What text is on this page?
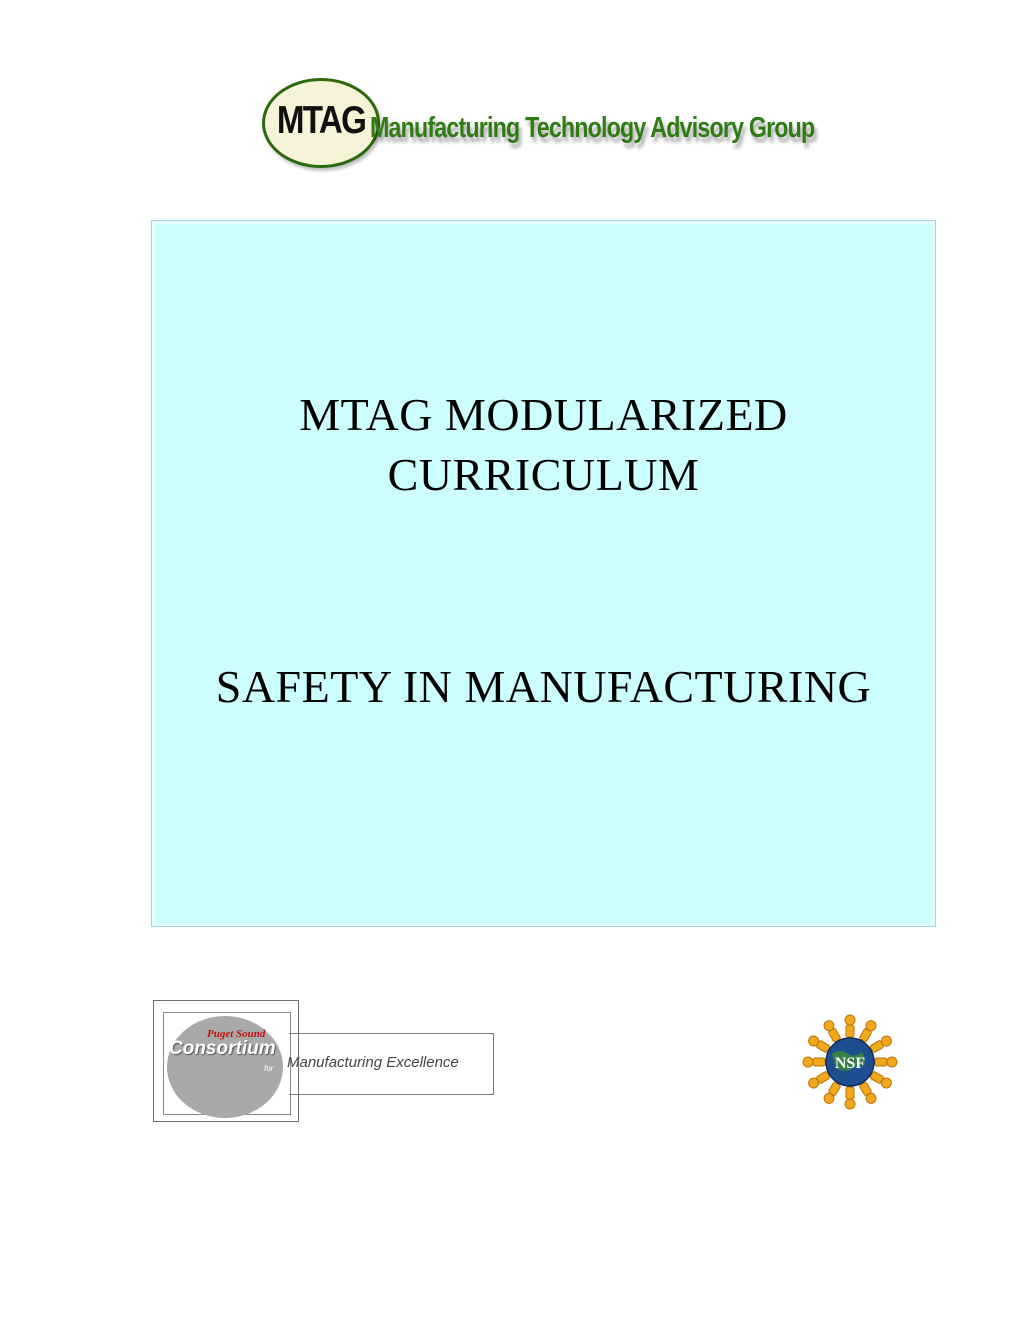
MTAG Manufacturing Technology Advisory Group
MTAG MODULARIZED
CURRICULUM
SAFETY IN MANUFACTURING
Puget Sound
Consortium
for Manufacturing Excellence	NSF
